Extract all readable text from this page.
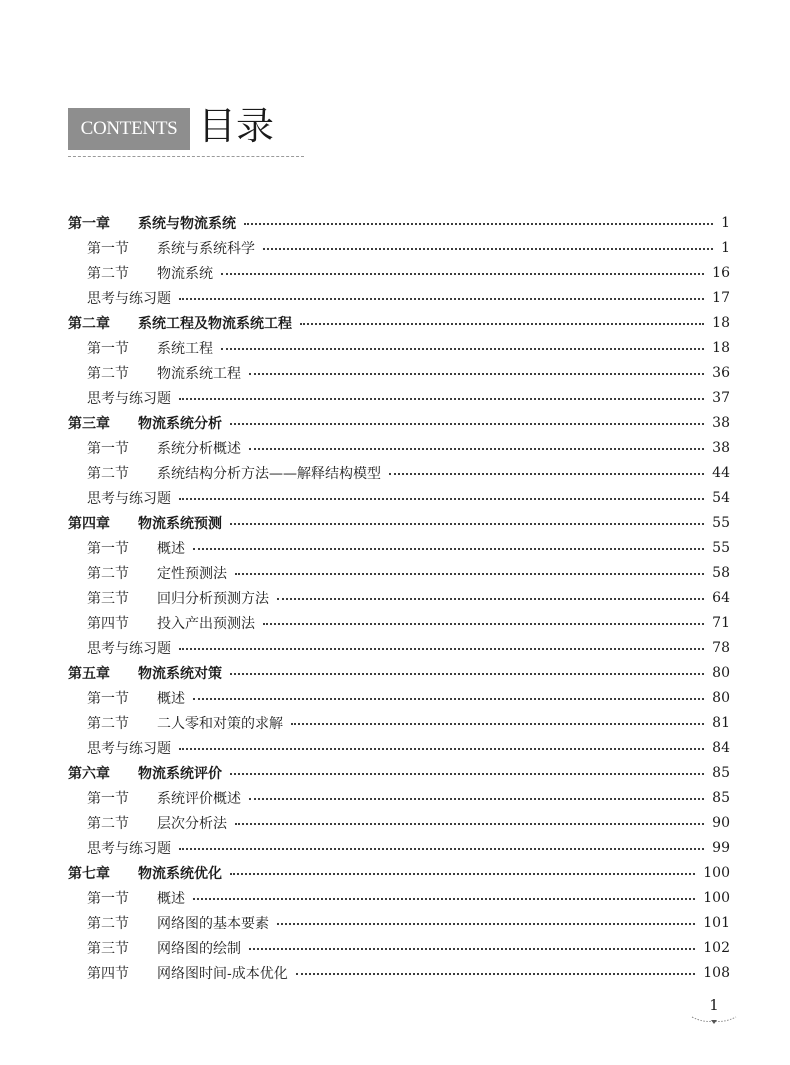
CONTENTS 目录
第一章	系统与物流系统	1
第一节	系统与系统科学	1
第二节	物流系统	16
思考与练习题	17
第二章	系统工程及物流系统工程	18
第一节	系统工程	18
第二节	物流系统工程	36
思考与练习题	37
第三章	物流系统分析	38
第一节	系统分析概述	38
第二节	系统结构分析方法——解释结构模型	44
思考与练习题	54
第四章	物流系统预测	55
第一节	概述	55
第二节	定性预测法	58
第三节	回归分析预测方法	64
第四节	投入产出预测法	71
思考与练习题	78
第五章	物流系统对策	80
第一节	概述	80
第二节	二人零和对策的求解	81
思考与练习题	84
第六章	物流系统评价	85
第一节	系统评价概述	85
第二节	层次分析法	90
思考与练习题	99
第七章	物流系统优化	100
第一节	概述	100
第二节	网络图的基本要素	101
第三节	网络图的绘制	102
第四节	网络图时间-成本优化	108
1
